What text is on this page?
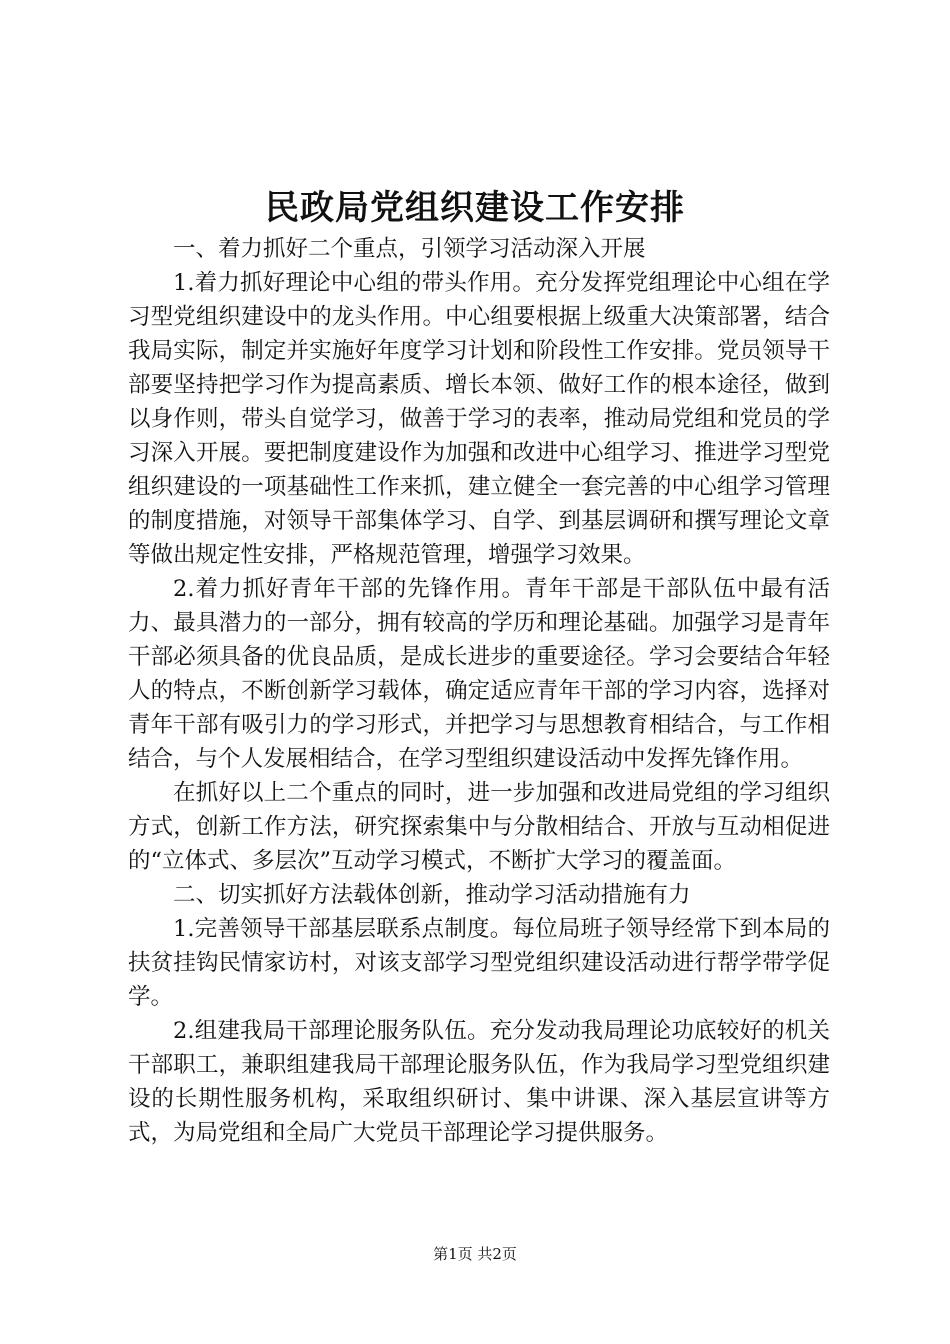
民政局党组织建设工作安排

一、着力抓好二个重点，引领学习活动深入开展

1.着力抓好理论中心组的带头作用。充分发挥党组理论中心组在学习型党组织建设中的龙头作用。中心组要根据上级重大决策部署，结合我局实际，制定并实施好年度学习计划和阶段性工作安排。党员领导干部要坚持把学习作为提高素质、增长本领、做好工作的根本途径，做到以身作则，带头自觉学习，做善于学习的表率，推动局党组和党员的学习深入开展。要把制度建设作为加强和改进中心组学习、推进学习型党组织建设的一项基础性工作来抓，建立健全一套完善的中心组学习管理的制度措施，对领导干部集体学习、自学、到基层调研和撰写理论文章等做出规定性安排，严格规范管理，增强学习效果。

2.着力抓好青年干部的先锋作用。青年干部是干部队伍中最有活力、最具潜力的一部分，拥有较高的学历和理论基础。加强学习是青年干部必须具备的优良品质，是成长进步的重要途径。学习会要结合年轻人的特点，不断创新学习载体，确定适应青年干部的学习内容，选择对青年干部有吸引力的学习形式，并把学习与思想教育相结合，与工作相结合，与个人发展相结合，在学习型组织建设活动中发挥先锋作用。

在抓好以上二个重点的同时，进一步加强和改进局党组的学习组织方式，创新工作方法，研究探索集中与分散相结合、开放与互动相促进的“立体式、多层次”互动学习模式，不断扩大学习的覆盖面。

二、切实抓好方法载体创新，推动学习活动措施有力

1.完善领导干部基层联系点制度。每位局班子领导经常下到本局的扶贫挂钩民情家访村，对该支部学习型党组织建设活动进行帮学带学促学。

2.组建我局干部理论服务队伍。充分发动我局理论功底较好的机关干部职工，兼职组建我局干部理论服务队伍，作为我局学习型党组织建设的长期性服务机构，采取组织研讨、集中讲课、深入基层宣讲等方式，为局党组和全局广大党员干部理论学习提供服务。

第1页 共2页
